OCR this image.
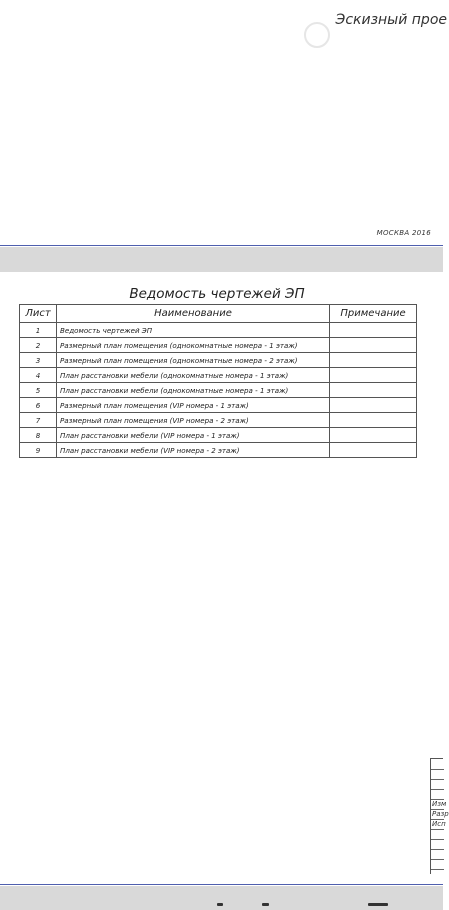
Эскизный прое
МОСКВА 2016
Ведомость чертежей ЭП
Лист	Наименование	Примечание
1	Ведомость чертежей ЭП	
2	Размерный план помещения (однокомнатные номера - 1 этаж)	
3	Размерный план помещения (однокомнатные номера - 2 этаж)	
4	План расстановки мебели (однокомнатные номера - 1 этаж)	
5	План расстановки мебели (однокомнатные номера - 1 этаж)	
6	Размерный план помещения (VIP номера - 1 этаж)	
7	Размерный план помещения (VIP номера - 2 этаж)	
8	План расстановки мебели (VIP номера - 1 этаж)	
9	План расстановки мебели (VIP номера - 2 этаж)	
Изм
Разр
Исп
